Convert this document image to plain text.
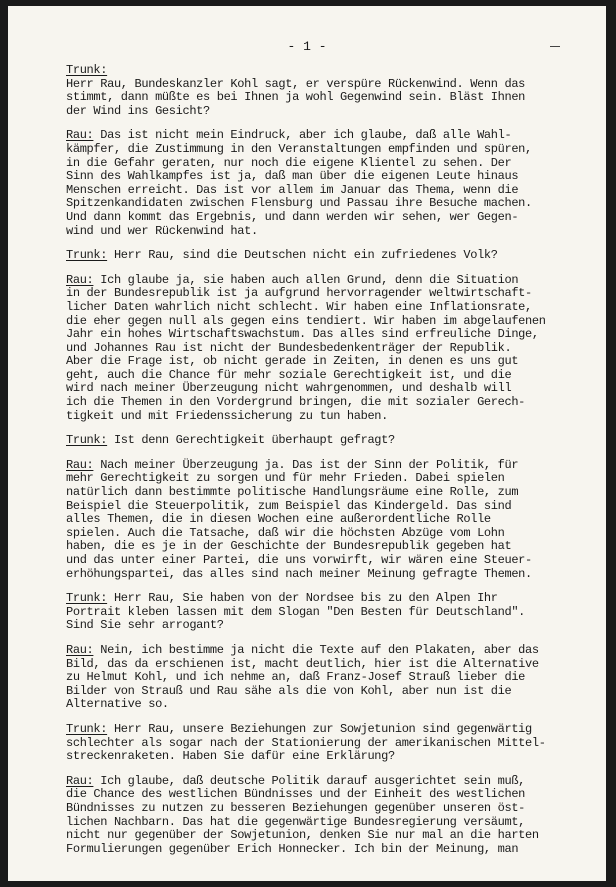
- 1 -

Trunk:
Herr Rau, Bundeskanzler Kohl sagt, er verspüre Rückenwind. Wenn das
stimmt, dann müßte es bei Ihnen ja wohl Gegenwind sein. Bläst Ihnen
der Wind ins Gesicht?

Rau: Das ist nicht mein Eindruck, aber ich glaube, daß alle Wahl-
kämpfer, die Zustimmung in den Veranstaltungen empfinden und spüren,
in die Gefahr geraten, nur noch die eigene Klientel zu sehen. Der
Sinn des Wahlkampfes ist ja, daß man über die eigenen Leute hinaus
Menschen erreicht. Das ist vor allem im Januar das Thema, wenn die
Spitzenkandidaten zwischen Flensburg und Passau ihre Besuche machen.
Und dann kommt das Ergebnis, und dann werden wir sehen, wer Gegen-
wind und wer Rückenwind hat.

Trunk: Herr Rau, sind die Deutschen nicht ein zufriedenes Volk?

Rau: Ich glaube ja, sie haben auch allen Grund, denn die Situation
in der Bundesrepublik ist ja aufgrund hervorragender weltwirtschaft-
licher Daten wahrlich nicht schlecht. Wir haben eine Inflationsrate,
die eher gegen null als gegen eins tendiert. Wir haben im abgelaufenen
Jahr ein hohes Wirtschaftswachstum. Das alles sind erfreuliche Dinge,
und Johannes Rau ist nicht der Bundesbedenkenträger der Republik.
Aber die Frage ist, ob nicht gerade in Zeiten, in denen es uns gut
geht, auch die Chance für mehr soziale Gerechtigkeit ist, und die
wird nach meiner Überzeugung nicht wahrgenommen, und deshalb will
ich die Themen in den Vordergrund bringen, die mit sozialer Gerech-
tigkeit und mit Friedenssicherung zu tun haben.

Trunk: Ist denn Gerechtigkeit überhaupt gefragt?

Rau: Nach meiner Überzeugung ja. Das ist der Sinn der Politik, für
mehr Gerechtigkeit zu sorgen und für mehr Frieden. Dabei spielen
natürlich dann bestimmte politische Handlungsräume eine Rolle, zum
Beispiel die Steuerpolitik, zum Beispiel das Kindergeld. Das sind
alles Themen, die in diesen Wochen eine außerordentliche Rolle
spielen. Auch die Tatsache, daß wir die höchsten Abzüge vom Lohn
haben, die es je in der Geschichte der Bundesrepublik gegeben hat
und das unter einer Partei, die uns vorwirft, wir wären eine Steuer-
erhöhungspartei, das alles sind nach meiner Meinung gefragte Themen.

Trunk: Herr Rau, Sie haben von der Nordsee bis zu den Alpen Ihr
Portrait kleben lassen mit dem Slogan "Den Besten für Deutschland".
Sind Sie sehr arrogant?

Rau: Nein, ich bestimme ja nicht die Texte auf den Plakaten, aber das
Bild, das da erschienen ist, macht deutlich, hier ist die Alternative
zu Helmut Kohl, und ich nehme an, daß Franz-Josef Strauß lieber die
Bilder von Strauß und Rau sähe als die von Kohl, aber nun ist die
Alternative so.

Trunk: Herr Rau, unsere Beziehungen zur Sowjetunion sind gegenwärtig
schlechter als sogar nach der Stationierung der amerikanischen Mittel-
streckenraketen. Haben Sie dafür eine Erklärung?

Rau: Ich glaube, daß deutsche Politik darauf ausgerichtet sein muß,
die Chance des westlichen Bündnisses und der Einheit des westlichen
Bündnisses zu nutzen zu besseren Beziehungen gegenüber unseren öst-
lichen Nachbarn. Das hat die gegenwärtige Bundesregierung versäumt,
nicht nur gegenüber der Sowjetunion, denken Sie nur mal an die harten
Formulierungen gegenüber Erich Honnecker. Ich bin der Meinung, man
